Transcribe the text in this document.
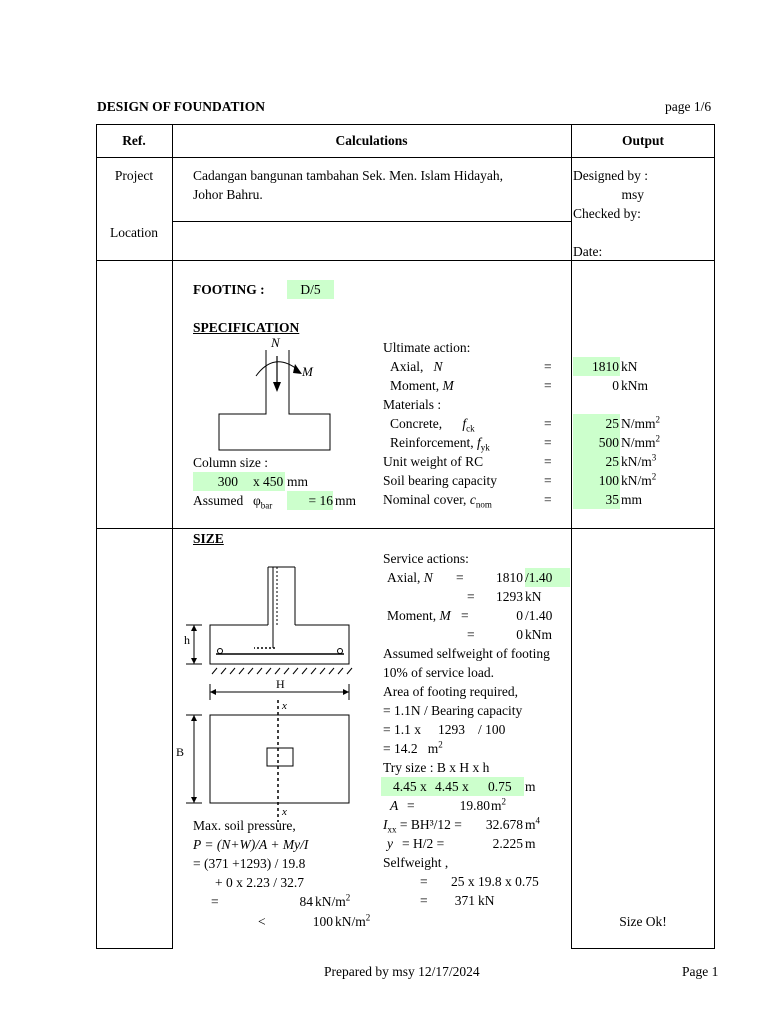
DESIGN OF FOUNDATION	page 1/6
Ref.	Calculations	Output
Project	Cadangan bangunan tambahan Sek. Men. Islam Hidayah,
Johor Bahru.
Location
Designed by :
msy
Checked by:
Date:
FOOTING :	D/5
SPECIFICATION
N
M
Column size :
300 x 450 mm
Assumed $\varphi_{bar}$	= 16 mm
Ultimate action:
Axial, N	=	1810 kN
Moment, M	=	0 kNm
Materials :
Concrete, $f_{ck}$	=	25 $N/mm^2$
Reinforcement, $f_{yk}$	=	500 $N/mm^2$
Unit weight of RC	=	25 $kN/m^3$
Soil bearing capacity	=	100 $kN/m^2$
Nominal cover, $c_{nom}$	=	35 mm
SIZE
h
H
x
x
B
Service actions:
Axial, N =	1810 /1.40
=	1293 kN
Moment, M =	0 /1.40
=	0 kNm
Assumed selfweight of footing
10% of service load.
Area of footing required,
= 1.1N / Bearing capacity
= 1.1 x 1293 / 100
= 14.2 $m^2$
Try size : B x H x h
4.45 x 4.45 x 0.75 m
A =	19.80 $m^2$
$I_{xx} = BH^3/12$ =	32.678 $m^4$
y = H/2 =	2.225 m
Selfweight ,
= 25 x 19.8 x 0.75
=	371 kN
Max. soil pressure,
P = (N+W)/A + My/I
= (371 +1293) / 19.8
+ 0 x 2.23 / 32.7
=	84 $kN/m^2$
<	100 $kN/m^2$	Size Ok!
Prepared by msy 12/17/2024	Page 1
